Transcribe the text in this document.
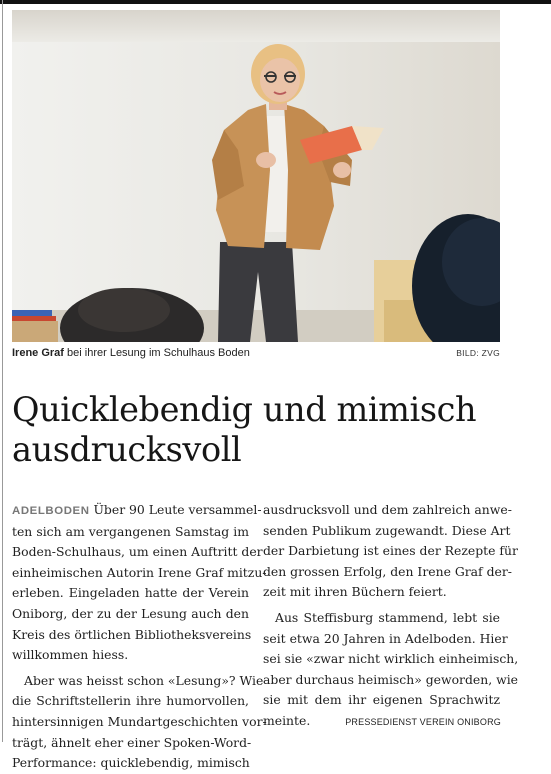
Irene Graf bei ihrer Lesung im Schulhaus Boden	BILD: ZVG
Quicklebendig und mimisch
ausdrucksvoll
ADELBODEN Über 90 Leute versammel-
ten sich am vergangenen Samstag im
Boden-Schulhaus, um einen Auftritt der
einheimischen Autorin Irene Graf mitzu-
erleben. Eingeladen hatte der Verein
Oniborg, der zu der Lesung auch den
Kreis des örtlichen Bibliotheksvereins
willkommen hiess.
Aber was heisst schon «Lesung»? Wie
die Schriftstellerin ihre humorvollen,
hintersinnigen Mundartgeschichten vor-
trägt, ähnelt eher einer Spoken-Word-
Performance: quicklebendig, mimisch
ausdrucksvoll und dem zahlreich anwe-
senden Publikum zugewandt. Diese Art
der Darbietung ist eines der Rezepte für
den grossen Erfolg, den Irene Graf der-
zeit mit ihren Büchern feiert.
Aus Steffisburg stammend, lebt sie
seit etwa 20 Jahren in Adelboden. Hier
sei sie «zwar nicht wirklich einheimisch,
aber durchaus heimisch» geworden, wie
sie mit dem ihr eigenen Sprachwitz
meinte.	PRESSEDIENST VEREIN ONIBORG
